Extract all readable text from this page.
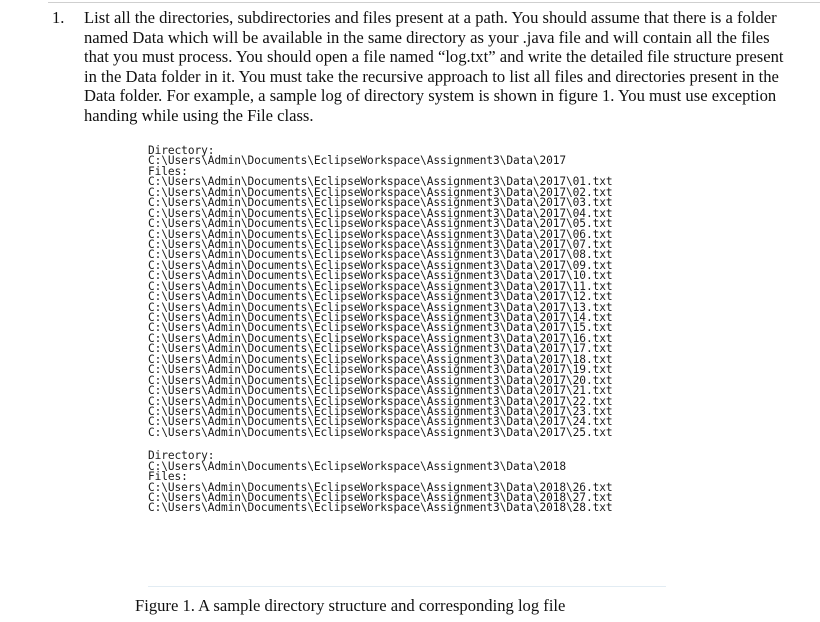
1. List all the directories, subdirectories and files present at a path. You should assume that there is a folder named Data which will be available in the same directory as your .java file and will contain all the files that you must process. You should open a file named “log.txt” and write the detailed file structure present in the Data folder in it. You must take the recursive approach to list all files and directories present in the Data folder. For example, a sample log of directory system is shown in figure 1. You must use exception handing while using the File class.

Directory:
C:\Users\Admin\Documents\EclipseWorkspace\Assignment3\Data\2017
Files:
C:\Users\Admin\Documents\EclipseWorkspace\Assignment3\Data\2017\01.txt
C:\Users\Admin\Documents\EclipseWorkspace\Assignment3\Data\2017\02.txt
C:\Users\Admin\Documents\EclipseWorkspace\Assignment3\Data\2017\03.txt
C:\Users\Admin\Documents\EclipseWorkspace\Assignment3\Data\2017\04.txt
C:\Users\Admin\Documents\EclipseWorkspace\Assignment3\Data\2017\05.txt
C:\Users\Admin\Documents\EclipseWorkspace\Assignment3\Data\2017\06.txt
C:\Users\Admin\Documents\EclipseWorkspace\Assignment3\Data\2017\07.txt
C:\Users\Admin\Documents\EclipseWorkspace\Assignment3\Data\2017\08.txt
C:\Users\Admin\Documents\EclipseWorkspace\Assignment3\Data\2017\09.txt
C:\Users\Admin\Documents\EclipseWorkspace\Assignment3\Data\2017\10.txt
C:\Users\Admin\Documents\EclipseWorkspace\Assignment3\Data\2017\11.txt
C:\Users\Admin\Documents\EclipseWorkspace\Assignment3\Data\2017\12.txt
C:\Users\Admin\Documents\EclipseWorkspace\Assignment3\Data\2017\13.txt
C:\Users\Admin\Documents\EclipseWorkspace\Assignment3\Data\2017\14.txt
C:\Users\Admin\Documents\EclipseWorkspace\Assignment3\Data\2017\15.txt
C:\Users\Admin\Documents\EclipseWorkspace\Assignment3\Data\2017\16.txt
C:\Users\Admin\Documents\EclipseWorkspace\Assignment3\Data\2017\17.txt
C:\Users\Admin\Documents\EclipseWorkspace\Assignment3\Data\2017\18.txt
C:\Users\Admin\Documents\EclipseWorkspace\Assignment3\Data\2017\19.txt
C:\Users\Admin\Documents\EclipseWorkspace\Assignment3\Data\2017\20.txt
C:\Users\Admin\Documents\EclipseWorkspace\Assignment3\Data\2017\21.txt
C:\Users\Admin\Documents\EclipseWorkspace\Assignment3\Data\2017\22.txt
C:\Users\Admin\Documents\EclipseWorkspace\Assignment3\Data\2017\23.txt
C:\Users\Admin\Documents\EclipseWorkspace\Assignment3\Data\2017\24.txt
C:\Users\Admin\Documents\EclipseWorkspace\Assignment3\Data\2017\25.txt
Directory:
C:\Users\Admin\Documents\EclipseWorkspace\Assignment3\Data\2018
Files:
C:\Users\Admin\Documents\EclipseWorkspace\Assignment3\Data\2018\26.txt
C:\Users\Admin\Documents\EclipseWorkspace\Assignment3\Data\2018\27.txt
C:\Users\Admin\Documents\EclipseWorkspace\Assignment3\Data\2018\28.txt
Figure 1. A sample directory structure and corresponding log file
